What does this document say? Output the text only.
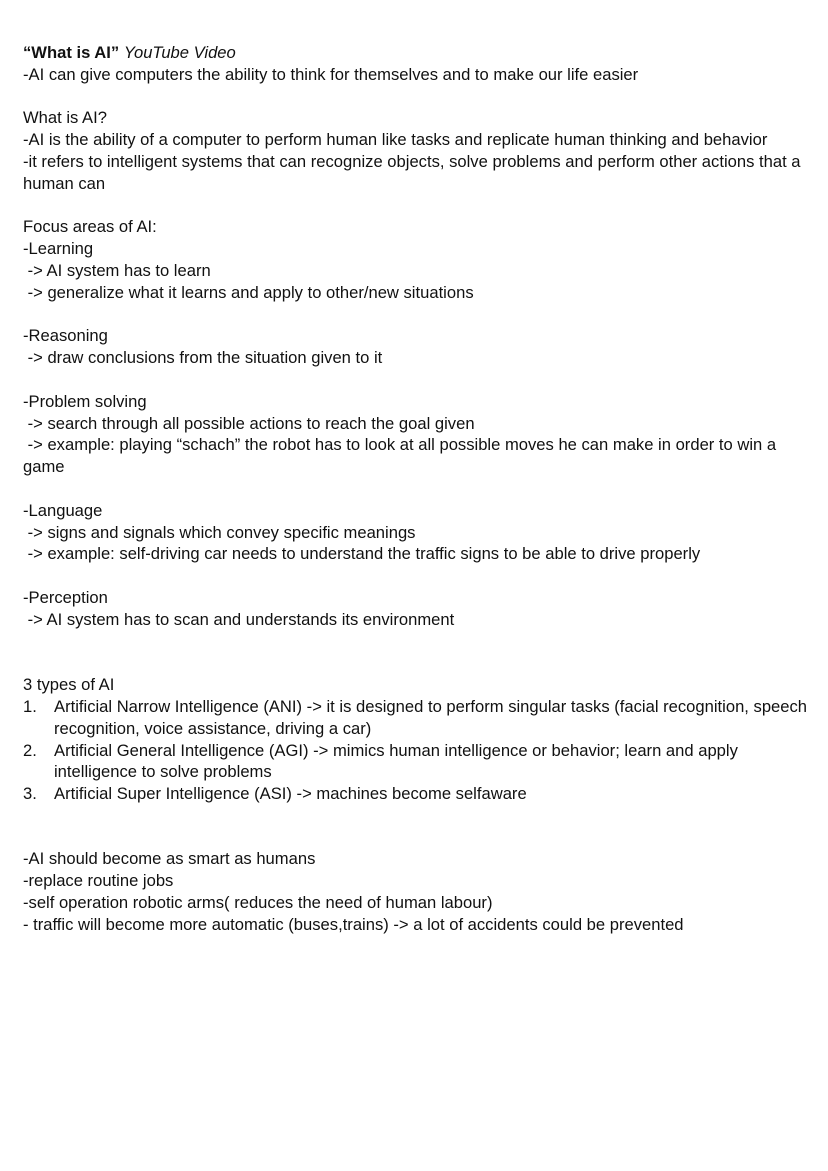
“What is AI” YouTube Video
-AI can give computers the ability to think for themselves and to make our life easier
What is AI?
-AI is the ability of a computer to perform human like tasks and replicate human thinking and behavior
-it refers to intelligent systems that can recognize objects, solve problems and perform other actions that a human can
Focus areas of AI:
-Learning
-> AI system has to learn
-> generalize what it learns and apply to other/new situations
-Reasoning
-> draw conclusions from the situation given to it
-Problem solving
-> search through all possible actions to reach the goal given
-> example: playing “schach” the robot has to look at all possible moves he can make in order to win a game
-Language
-> signs and signals which convey specific meanings
-> example: self-driving car needs to understand the traffic signs to be able to drive properly
-Perception
-> AI system has to scan and understands its environment
3 types of AI
1. Artificial Narrow Intelligence (ANI) -> it is designed to perform singular tasks (facial recognition, speech recognition, voice assistance, driving a car)
2. Artificial General Intelligence (AGI) -> mimics human intelligence or behavior; learn and apply intelligence to solve problems
3. Artificial Super Intelligence (ASI) -> machines become selfaware
-AI should become as smart as humans
-replace routine jobs
-self operation robotic arms( reduces the need of human labour)
- traffic will become more automatic (buses,trains) -> a lot of accidents could be prevented
